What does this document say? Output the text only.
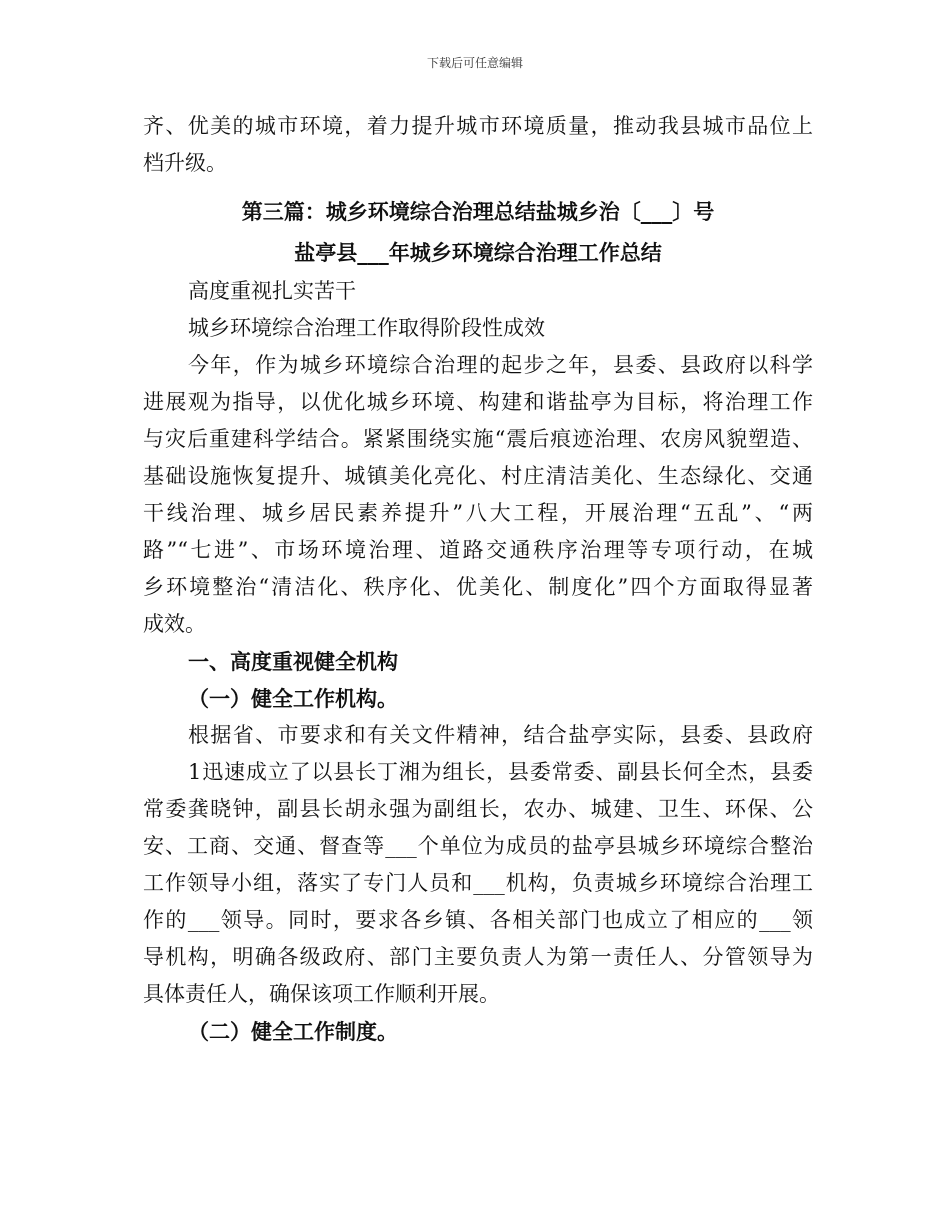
下载后可任意编辑
齐、优美的城市环境，着力提升城市环境质量，推动我县城市品位上
档升级。
第三篇：城乡环境综合治理总结盐城乡治〔___〕号
盐亭县___年城乡环境综合治理工作总结
高度重视扎实苦干
城乡环境综合治理工作取得阶段性成效
今年，作为城乡环境综合治理的起步之年，县委、县政府以科学
进展观为指导，以优化城乡环境、构建和谐盐亭为目标，将治理工作
与灾后重建科学结合。紧紧围绕实施“震后痕迹治理、农房风貌塑造、
基础设施恢复提升、城镇美化亮化、村庄清洁美化、生态绿化、交通
干线治理、城乡居民素养提升”八大工程，开展治理“五乱”、“两
路”“七进”、市场环境治理、道路交通秩序治理等专项行动，在城
乡环境整治“清洁化、秩序化、优美化、制度化”四个方面取得显著
成效。
一、高度重视健全机构
（一）健全工作机构。
根据省、市要求和有关文件精神，结合盐亭实际，县委、县政府
1迅速成立了以县长丁湘为组长，县委常委、副县长何全杰，县委
常委龚晓钟，副县长胡永强为副组长，农办、城建、卫生、环保、公
安、工商、交通、督查等___个单位为成员的盐亭县城乡环境综合整治
工作领导小组，落实了专门人员和___机构，负责城乡环境综合治理工
作的___领导。同时，要求各乡镇、各相关部门也成立了相应的___领
导机构，明确各级政府、部门主要负责人为第一责任人、分管领导为
具体责任人，确保该项工作顺利开展。
（二）健全工作制度。
